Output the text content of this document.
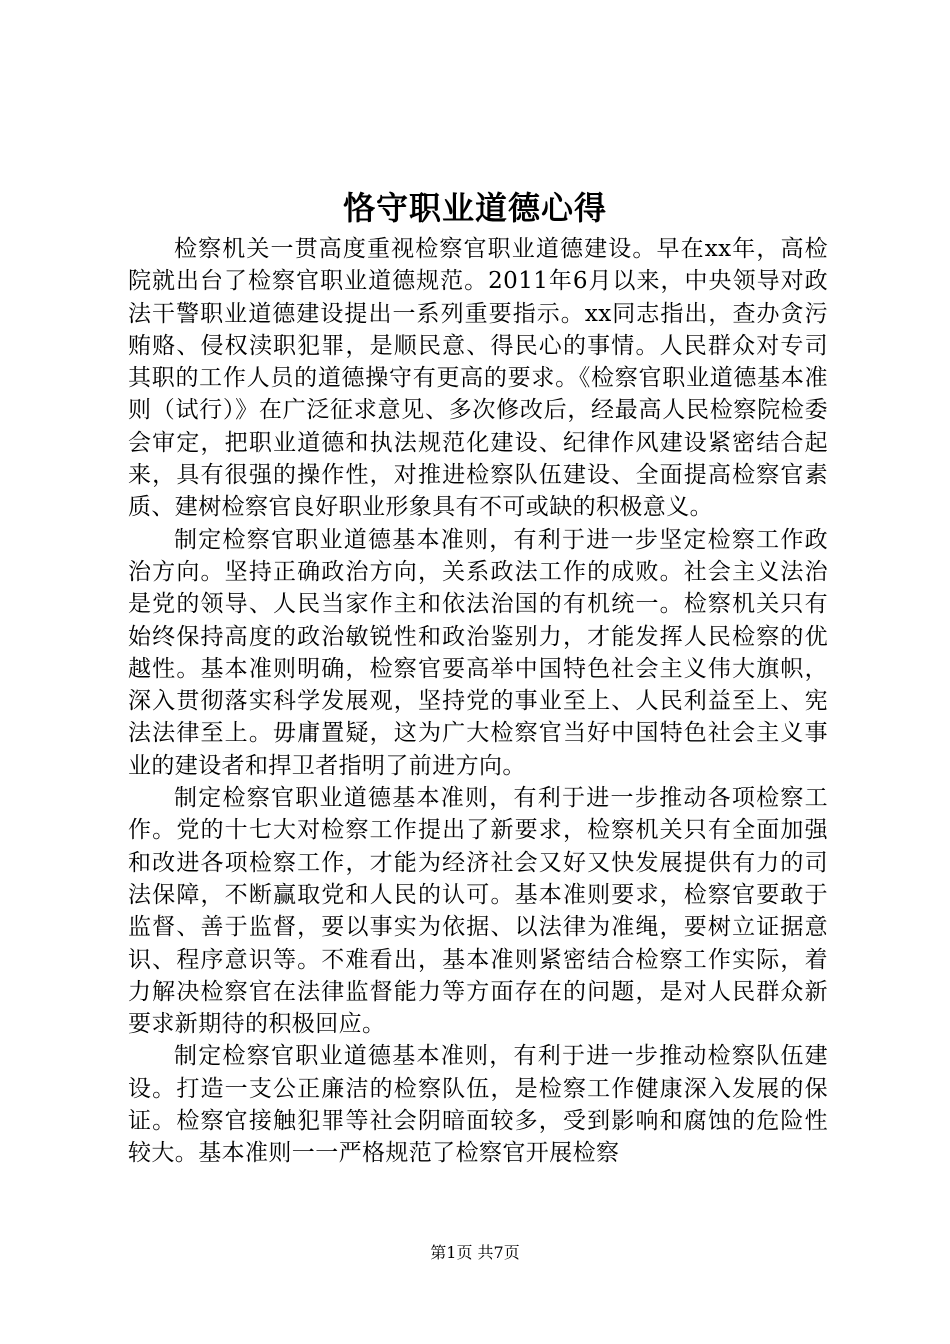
恪守职业道德心得

检察机关一贯高度重视检察官职业道德建设。早在xx年，高检院就出台了检察官职业道德规范。2011年6月以来，中央领导对政法干警职业道德建设提出一系列重要指示。xx同志指出，查办贪污贿赂、侵权渎职犯罪，是顺民意、得民心的事情。人民群众对专司其职的工作人员的道德操守有更高的要求。《检察官职业道德基本准则（试行）》在广泛征求意见、多次修改后，经最高人民检察院检委会审定，把职业道德和执法规范化建设、纪律作风建设紧密结合起来，具有很强的操作性，对推进检察队伍建设、全面提高检察官素质、建树检察官良好职业形象具有不可或缺的积极意义。

制定检察官职业道德基本准则，有利于进一步坚定检察工作政治方向。坚持正确政治方向，关系政法工作的成败。社会主义法治是党的领导、人民当家作主和依法治国的有机统一。检察机关只有始终保持高度的政治敏锐性和政治鉴别力，才能发挥人民检察的优越性。基本准则明确，检察官要高举中国特色社会主义伟大旗帜，深入贯彻落实科学发展观，坚持党的事业至上、人民利益至上、宪法法律至上。毋庸置疑，这为广大检察官当好中国特色社会主义事业的建设者和捍卫者指明了前进方向。

制定检察官职业道德基本准则，有利于进一步推动各项检察工作。党的十七大对检察工作提出了新要求，检察机关只有全面加强和改进各项检察工作，才能为经济社会又好又快发展提供有力的司法保障，不断赢取党和人民的认可。基本准则要求，检察官要敢于监督、善于监督，要以事实为依据、以法律为准绳，要树立证据意识、程序意识等。不难看出，基本准则紧密结合检察工作实际，着力解决检察官在法律监督能力等方面存在的问题，是对人民群众新要求新期待的积极回应。

制定检察官职业道德基本准则，有利于进一步推动检察队伍建设。打造一支公正廉洁的检察队伍，是检察工作健康深入发展的保证。检察官接触犯罪等社会阴暗面较多，受到影响和腐蚀的危险性较大。基本准则一一严格规范了检察官开展检察

第1页 共7页
